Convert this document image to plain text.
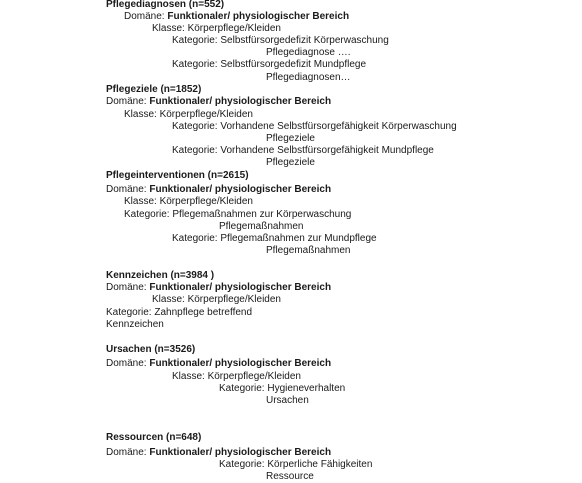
Pflegediagnosen (n=552)
Domäne: Funktionaler/ physiologischer Bereich
Klasse: Körperpflege/Kleiden
Kategorie: Selbstfürsorgedefizit Körperwaschung
Pflegediagnose ….
Kategorie: Selbstfürsorgedefizit Mundpflege
Pflegediagnosen…
Pflegeziele (n=1852)
Domäne: Funktionaler/ physiologischer Bereich
Klasse: Körperpflege/Kleiden
Kategorie: Vorhandene Selbstfürsorgefähigkeit Körperwaschung
Pflegeziele
Kategorie: Vorhandene Selbstfürsorgefähigkeit Mundpflege
Pflegeziele
Pflegeinterventionen (n=2615)
Domäne: Funktionaler/ physiologischer Bereich
Klasse: Körperpflege/Kleiden
Kategorie: Pflegemaßnahmen zur Körperwaschung
Pflegemaßnahmen
Kategorie: Pflegemaßnahmen zur Mundpflege
Pflegemaßnahmen
Kennzeichen (n=3984 )
Domäne: Funktionaler/ physiologischer Bereich
Klasse: Körperpflege/Kleiden
Kategorie: Zahnpflege betreffend
Kennzeichen
Ursachen (n=3526)
Domäne: Funktionaler/ physiologischer Bereich
Klasse: Körperpflege/Kleiden
Kategorie: Hygieneverhalten
Ursachen
Ressourcen (n=648)
Domäne: Funktionaler/ physiologischer Bereich
Kategorie: Körperliche Fähigkeiten
Ressource
